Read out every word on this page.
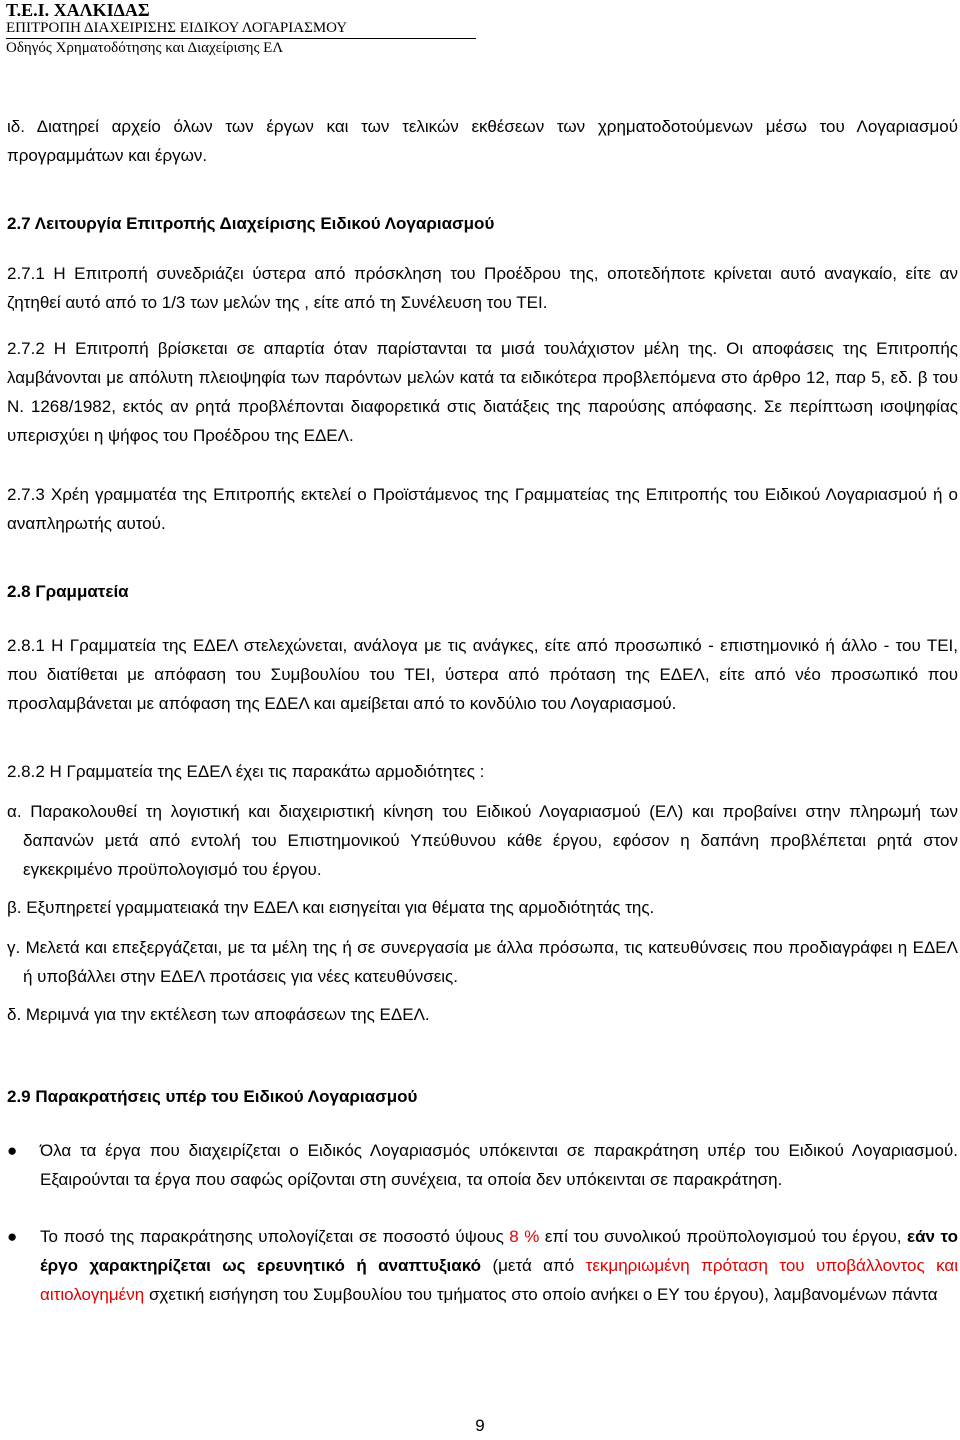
Τ.Ε.Ι. ΧΑΛΚΙΔΑΣ
ΕΠΙΤΡΟΠΗ ΔΙΑΧΕΙΡΙΣΗΣ ΕΙΔΙΚΟΥ ΛΟΓΑΡΙΑΣΜΟΥ
Οδηγός Χρηματοδότησης και Διαχείρισης ΕΛ
ιδ. Διατηρεί αρχείο όλων των έργων και των τελικών εκθέσεων των χρηματοδοτούμενων μέσω του Λογαριασμού προγραμμάτων και έργων.
2.7 Λειτουργία Επιτροπής Διαχείρισης Ειδικού Λογαριασμού
2.7.1 Η Επιτροπή συνεδριάζει ύστερα από πρόσκληση του Προέδρου της, οποτεδήποτε κρίνεται αυτό αναγκαίο, είτε αν ζητηθεί αυτό από το 1/3 των μελών της , είτε από τη Συνέλευση του ΤΕΙ.
2.7.2 Η Επιτροπή βρίσκεται σε απαρτία όταν παρίστανται τα μισά τουλάχιστον μέλη της. Οι αποφάσεις της Επιτροπής λαμβάνονται με απόλυτη πλειοψηφία των παρόντων μελών κατά τα ειδικότερα προβλεπόμενα στο άρθρο 12, παρ 5, εδ. β του Ν. 1268/1982, εκτός αν ρητά προβλέπονται διαφορετικά στις διατάξεις της παρούσης απόφασης. Σε περίπτωση ισοψηφίας υπερισχύει η ψήφος του Προέδρου της ΕΔΕΛ.
2.7.3 Χρέη γραμματέα της Επιτροπής εκτελεί ο Προϊστάμενος της Γραμματείας της Επιτροπής του Ειδικού Λογαριασμού ή ο αναπληρωτής αυτού.
2.8 Γραμματεία
2.8.1 Η Γραμματεία της ΕΔΕΛ στελεχώνεται, ανάλογα με τις ανάγκες, είτε από προσωπικό - επιστημονικό ή άλλο - του ΤΕΙ, που διατίθεται με απόφαση του Συμβουλίου του ΤΕΙ, ύστερα από πρόταση της ΕΔΕΛ, είτε από νέο προσωπικό που προσλαμβάνεται με απόφαση της ΕΔΕΛ και αμείβεται από το κονδύλιο του Λογαριασμού.
2.8.2 Η Γραμματεία της ΕΔΕΛ έχει τις παρακάτω αρμοδιότητες :
α. Παρακολουθεί τη λογιστική και διαχειριστική κίνηση του Ειδικού Λογαριασμού (ΕΛ) και προβαίνει στην πληρωμή των δαπανών μετά από εντολή του Επιστημονικού Υπεύθυνου κάθε έργου, εφόσον η δαπάνη προβλέπεται ρητά στον εγκεκριμένο προϋπολογισμό του έργου.
β. Εξυπηρετεί γραμματειακά την ΕΔΕΛ και εισηγείται για θέματα της αρμοδιότητάς της.
γ. Μελετά και επεξεργάζεται, με τα μέλη της ή σε συνεργασία με άλλα πρόσωπα, τις κατευθύνσεις που προδιαγράφει η ΕΔΕΛ ή υποβάλλει στην ΕΔΕΛ προτάσεις για νέες κατευθύνσεις.
δ. Μεριμνά για την εκτέλεση των αποφάσεων της ΕΔΕΛ.
2.9 Παρακρατήσεις υπέρ του Ειδικού Λογαριασμού
●	Όλα τα έργα που διαχειρίζεται ο Ειδικός Λογαριασμός υπόκεινται σε παρακράτηση υπέρ του Ειδικού Λογαριασμού. Εξαιρούνται τα έργα που σαφώς ορίζονται στη συνέχεια, τα οποία δεν υπόκεινται σε παρακράτηση.
●	Το ποσό της παρακράτησης υπολογίζεται σε ποσοστό ύψους 8 % επί του συνολικού προϋπολογισμού του έργου, εάν το έργο χαρακτηρίζεται ως ερευνητικό ή αναπτυξιακό (μετά από τεκμηριωμένη πρόταση του υποβάλλοντος και αιτιολογημένη σχετική εισήγηση του Συμβουλίου του τμήματος στο οποίο ανήκει ο ΕΥ του έργου), λαμβανομένων πάντα
9
